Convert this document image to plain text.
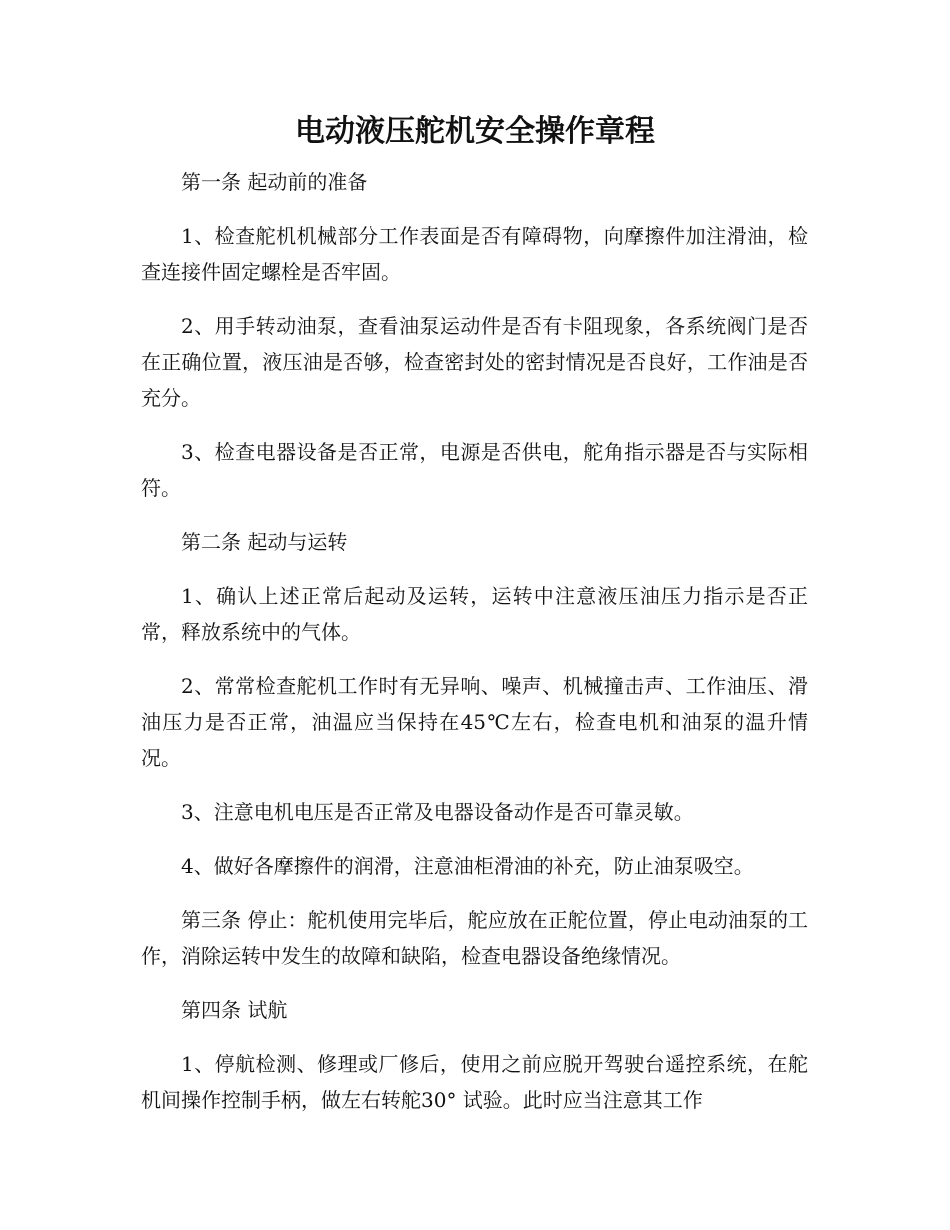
电动液压舵机安全操作章程

第一条 起动前的准备

1、检查舵机机械部分工作表面是否有障碍物，向摩擦件加注滑油，检查连接件固定螺栓是否牢固。

2、用手转动油泵，查看油泵运动件是否有卡阻现象，各系统阀门是否在正确位置，液压油是否够，检查密封处的密封情况是否良好，工作油是否充分。

3、检查电器设备是否正常，电源是否供电，舵角指示器是否与实际相符。

第二条 起动与运转

1、确认上述正常后起动及运转，运转中注意液压油压力指示是否正常，释放系统中的气体。

2、常常检查舵机工作时有无异响、噪声、机械撞击声、工作油压、滑油压力是否正常，油温应当保持在45℃左右，检查电机和油泵的温升情况。

3、注意电机电压是否正常及电器设备动作是否可靠灵敏。

4、做好各摩擦件的润滑，注意油柜滑油的补充，防止油泵吸空。

第三条 停止：舵机使用完毕后，舵应放在正舵位置，停止电动油泵的工作，消除运转中发生的故障和缺陷，检查电器设备绝缘情况。

第四条 试航

1、停航检测、修理或厂修后，使用之前应脱开驾驶台遥控系统，在舵机间操作控制手柄，做左右转舵30° 试验。此时应当注意其工作
